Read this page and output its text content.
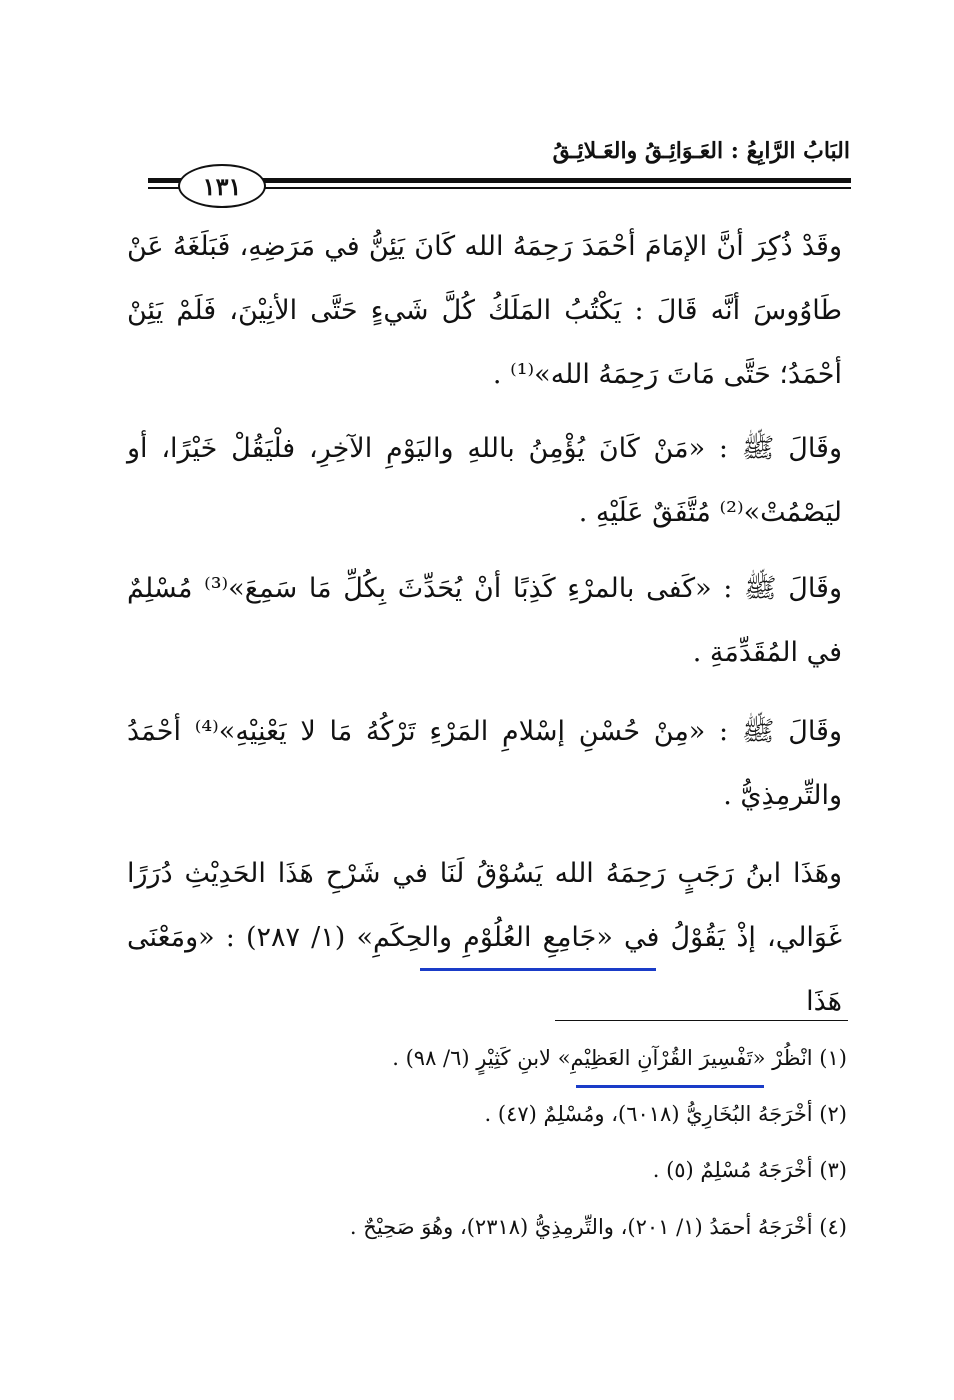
البَابُ الرَّابِعُ : العَـوَائِـقُ والعَـلائِـقُ
١٣١
وقَدْ ذُكِرَ أنَّ الإمَامَ أحْمَدَ رَحِمَهُ الله كَانَ يَئِنُّ في مَرَضِهِ، فَبَلَغَهُ عَنْ طَاوُوسَ أنَّه قَالَ : يَكْتُبُ المَلَكُ كُلَّ شَيءٍ حَتَّى الأنِيْنَ، فَلَمْ يَئِنْ أحْمَدُ؛ حَتَّى مَاتَ رَحِمَهُ الله»⁽¹⁾ .
وقَالَ ﷺ : «مَنْ كَانَ يُؤْمِنُ باللهِ واليَوْمِ الآخِرِ، فلْيَقُلْ خَيْرًا، أو ليَصْمُتْ»⁽²⁾ مُتَّفَقٌ عَلَيْهِ .
وقَالَ ﷺ : «كَفى بالمرْءِ كَذِبًا أنْ يُحَدِّثَ بِكُلِّ مَا سَمِعَ»⁽³⁾ مُسْلِمٌ في المُقَدِّمَةِ .
وقَالَ ﷺ : «مِنْ حُسْنِ إسْلامِ المَرْءِ تَرْكُهُ مَا لا يَعْنِيْهِ»⁽⁴⁾ أحْمَدُ والتِّرمِذِيُّ .
وهَذَا ابنُ رَجَبٍ رَحِمَهُ الله يَسُوْقُ لَنَا في شَرْحِ هَذَا الحَدِيْثِ دُرَرًا غَوَالي، إذْ يَقُوْلُ في «جَامِعِ العُلُوْمِ والحِكَمِ» (١/ ٢٨٧) : «ومَعْنَى هَذَا
(١) انْظُرْ «تَفْسِيرَ القُرْآنِ العَظِيْمِ» لابنِ كَثِيْرٍ (٦/ ٩٨) .
(٢) أخْرَجَهُ البُخَارِيُّ (٦٠١٨)، ومُسْلِمٌ (٤٧) .
(٣) أخْرَجَهُ مُسْلِمٌ (٥) .
(٤) أخْرَجَهُ أحمَدُ (١/ ٢٠١)، والتِّرمِذِيُّ (٢٣١٨)، وهُوَ صَحِيْحٌ .
